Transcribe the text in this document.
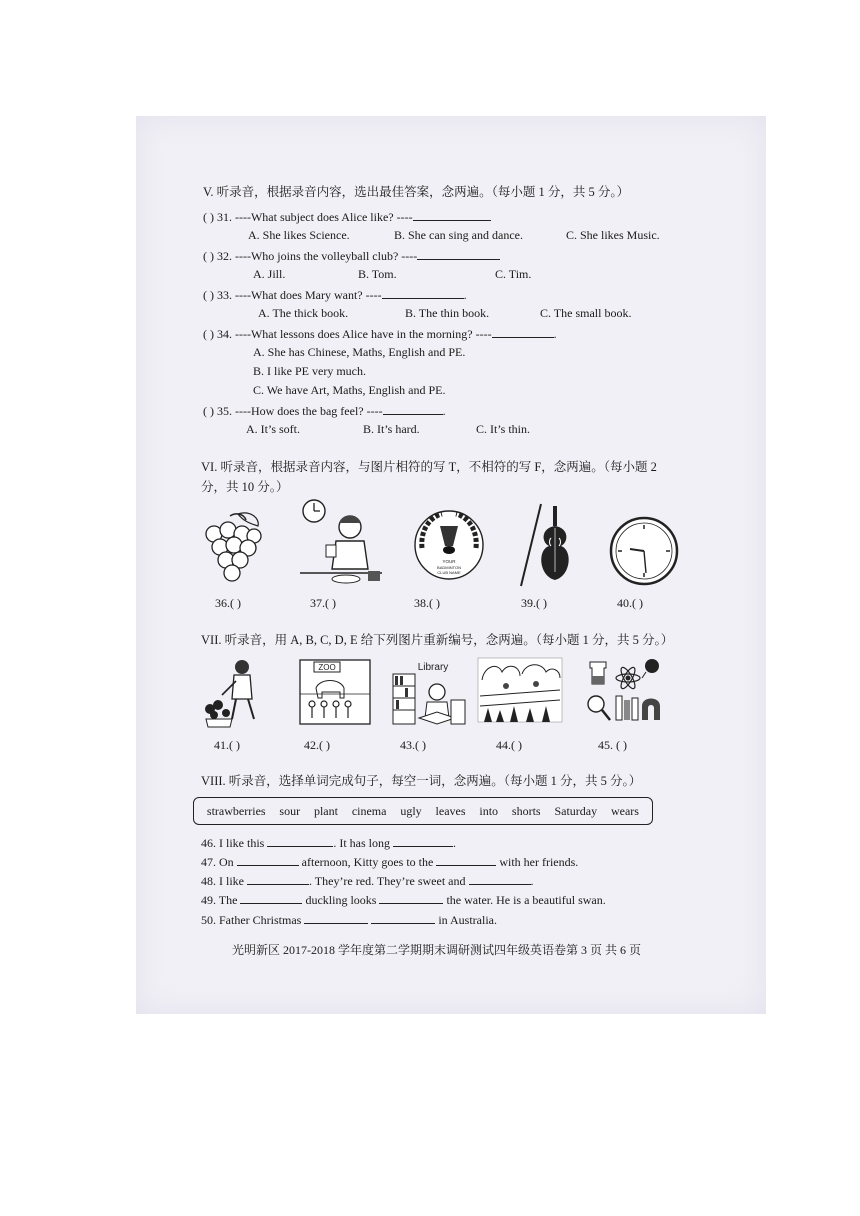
V. 听录音，根据录音内容，选出最佳答案，念两遍。（每小题 1 分，共 5 分。）
( ) 31. ----What subject does Alice like? ----
A. She likes Science.	B. She can sing and dance.	C. She likes Music.
( ) 32. ----Who joins the volleyball club? ----
A. Jill.	B. Tom.	C. Tim.
( ) 33. ----What does Mary want? ----	.
A. The thick book.	B. The thin book.	C. The small book.
( ) 34. ----What lessons does Alice have in the morning? ----	.
A. She has Chinese, Maths, English and PE.
B. I like PE very much.
C. We have Art, Maths, English and PE.
( ) 35. ----How does the bag feel? ----	.
A. It’s soft.	B. It’s hard.	C. It’s thin.
VI. 听录音，根据录音内容，与图片相符的写 T，不相符的写 F，念两遍。（每小题 2
分，共 10 分。）
YOUR
BADMINTON
CLUB NAME
36.( )	37.( )	38.( )	39.( )	40.( )
VII. 听录音，用 A, B, C, D, E 给下列图片重新编号，念两遍。（每小题 1 分，共 5 分。）
ZOO	Library
41.( )	42.( )	43.( )	44.( )	45. ( )
VIII. 听录音，选择单词完成句子，每空一词，念两遍。（每小题 1 分，共 5 分。）
strawberries sour plant cinema ugly leaves into shorts Saturday wears
46. I like this	. It has long	.
47. On	afternoon, Kitty goes to the	with her friends.
48. I like	. They’re red. They’re sweet and	.
49. The	duckling looks	the water. He is a beautiful swan.
50. Father Christmas	in Australia.
光明新区 2017-2018 学年度第二学期期末调研测试四年级英语卷第 3 页 共 6 页
